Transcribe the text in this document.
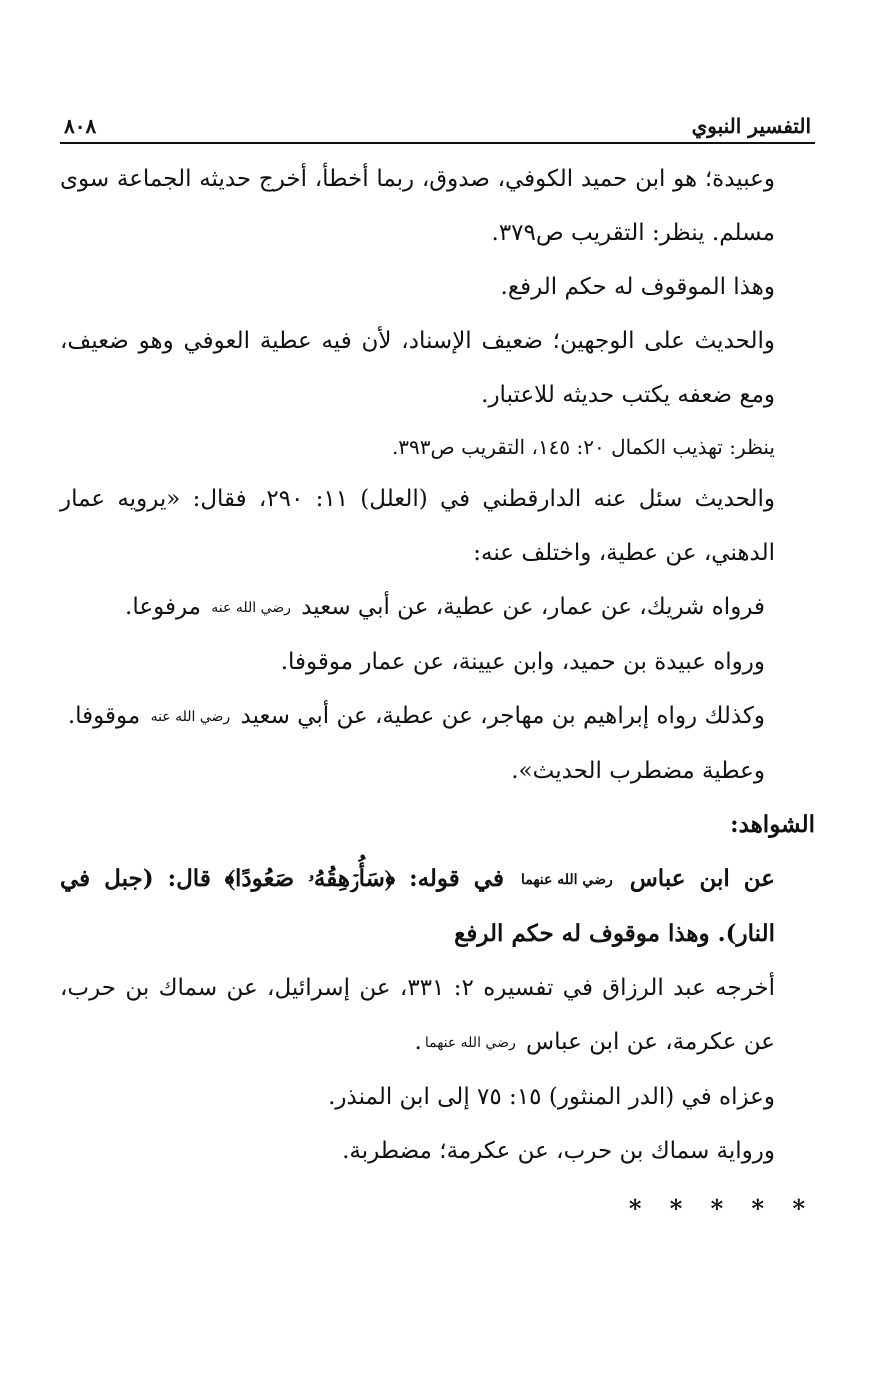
التفسير النبوي
٨٠٨

وعبيدة؛ هو ابن حميد الكوفي، صدوق، ربما أخطأ، أخرج حديثه الجماعة سوى مسلم. ينظر: التقريب ص٣٧٩.

وهذا الموقوف له حكم الرفع.

والحديث على الوجهين؛ ضعيف الإسناد، لأن فيه عطية العوفي وهو ضعيف، ومع ضعفه يكتب حديثه للاعتبار.

ينظر: تهذيب الكمال ٢٠: ١٤٥، التقريب ص٣٩٣.

والحديث سئل عنه الدارقطني في (العلل) ١١: ٢٩٠، فقال: «يرويه عمار الدهني، عن عطية، واختلف عنه:

فرواه شريك، عن عمار، عن عطية، عن أبي سعيد رضي الله عنه مرفوعا.

ورواه عبيدة بن حميد، وابن عيينة، عن عمار موقوفا.

وكذلك رواه إبراهيم بن مهاجر، عن عطية، عن أبي سعيد رضي الله عنه موقوفا.

وعطية مضطرب الحديث».

الشواهد:

عن ابن عباس رضي الله عنهما في قوله: ﴿سَأُرۡهِقُهُۥ صَعُودًا﴾ قال: (جبل في النار). وهذا موقوف له حكم الرفع

أخرجه عبد الرزاق في تفسيره ٢: ٣٣١، عن إسرائيل، عن سماك بن حرب، عن عكرمة، عن ابن عباس رضي الله عنهما.

وعزاه في (الدر المنثور) ١٥: ٧٥ إلى ابن المنذر.

ورواية سماك بن حرب، عن عكرمة؛ مضطربة.

* * * * *
